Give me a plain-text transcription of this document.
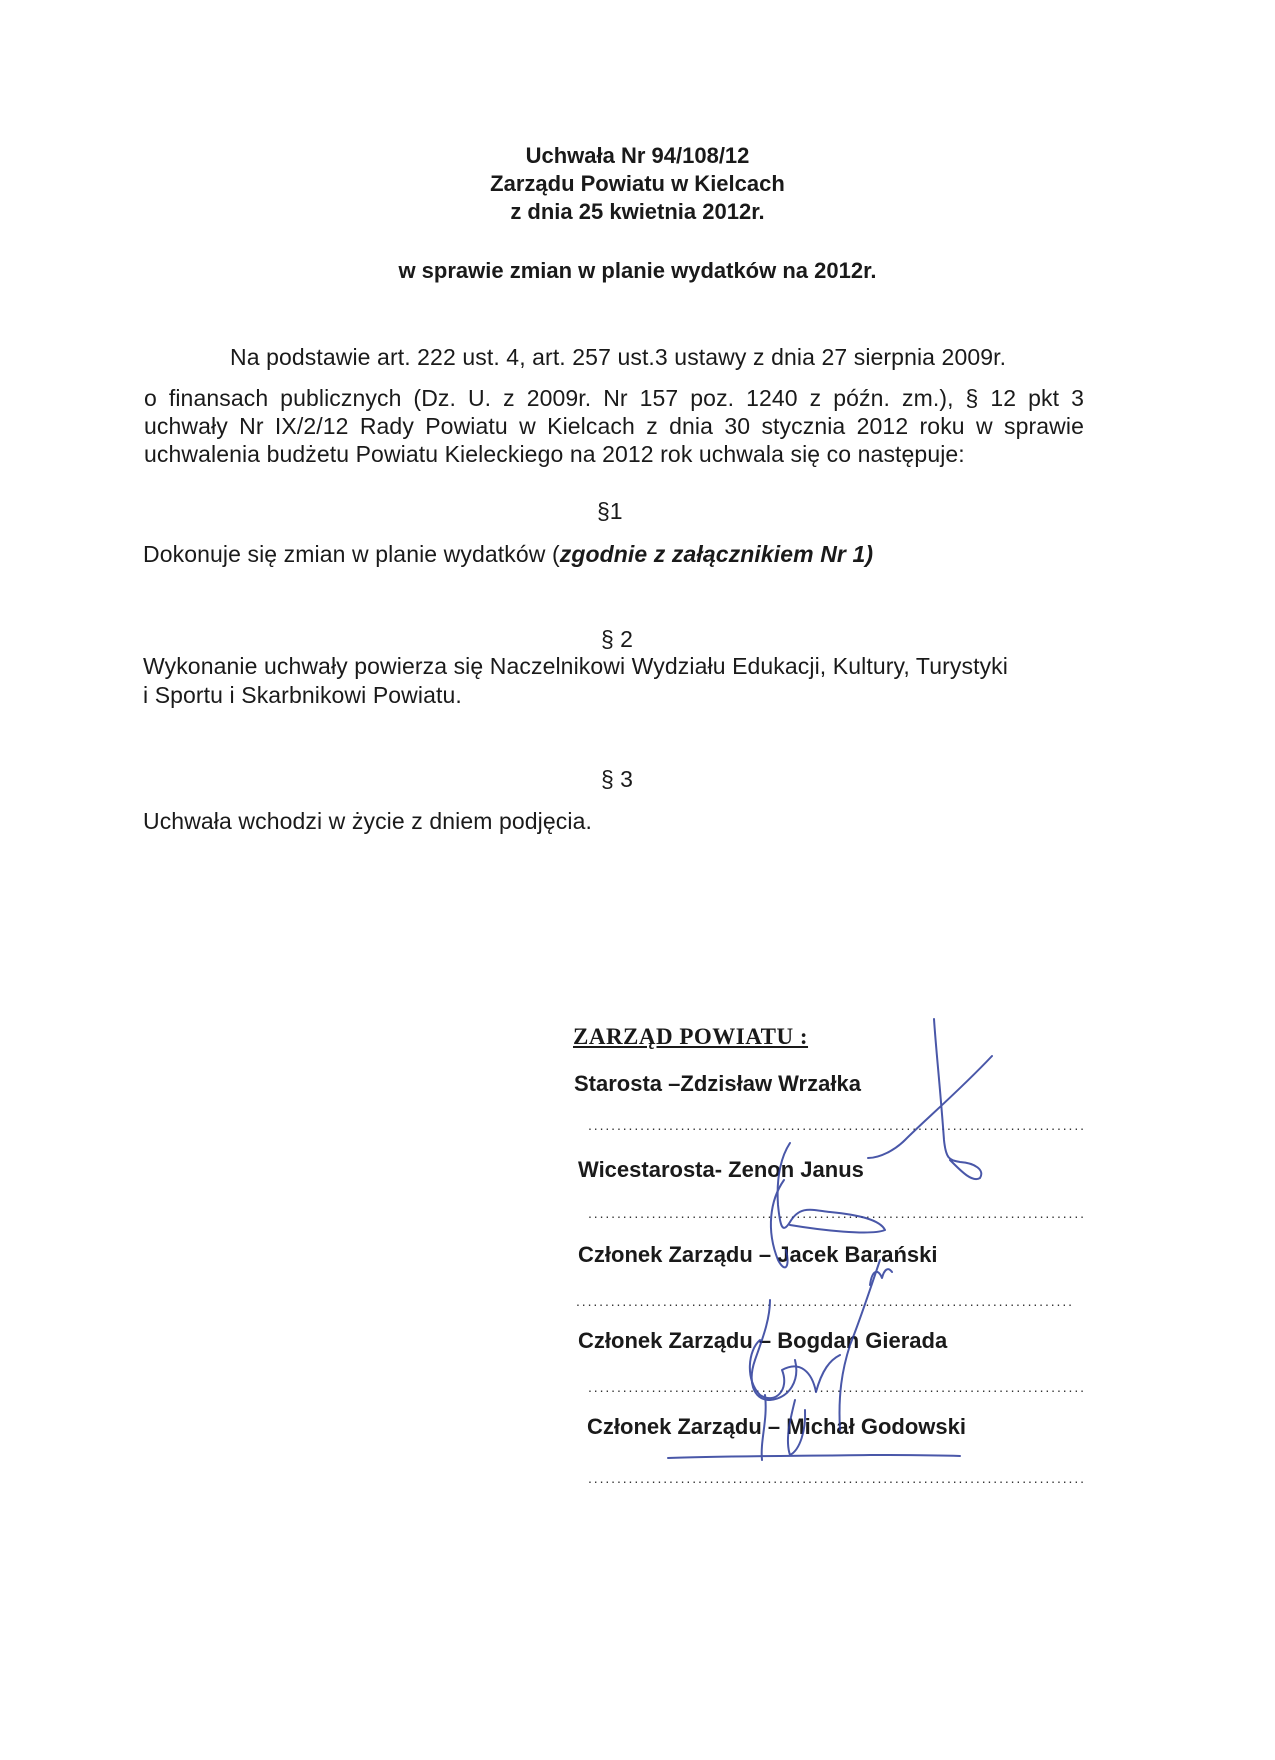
Uchwała Nr 94/108/12
Zarządu Powiatu w Kielcach
z dnia 25 kwietnia 2012r.
w sprawie zmian w planie wydatków na 2012r.
Na podstawie art. 222 ust. 4, art. 257 ust.3 ustawy z dnia 27 sierpnia 2009r.
o finansach publicznych (Dz. U. z 2009r. Nr 157 poz. 1240 z późn. zm.), § 12 pkt 3
uchwały Nr IX/2/12 Rady Powiatu w Kielcach z dnia 30 stycznia 2012 roku w sprawie
uchwalenia budżetu Powiatu Kieleckiego na 2012 rok uchwala się co następuje:
§1
Dokonuje się zmian w planie wydatków (zgodnie z załącznikiem Nr 1)
§ 2
Wykonanie uchwały powierza się Naczelnikowi Wydziału Edukacji, Kultury, Turystyki
i Sportu i Skarbnikowi Powiatu.
§ 3
Uchwała wchodzi w życie z dniem podjęcia.
ZARZĄD POWIATU :
Starosta –Zdzisław Wrzałka
......................................................................................
Wicestarosta- Zenon Janus
......................................................................................
Członek Zarządu – Jacek Barański
......................................................................................
Członek Zarządu – Bogdan Gierada
......................................................................................
Członek Zarządu – Michał Godowski
......................................................................................
